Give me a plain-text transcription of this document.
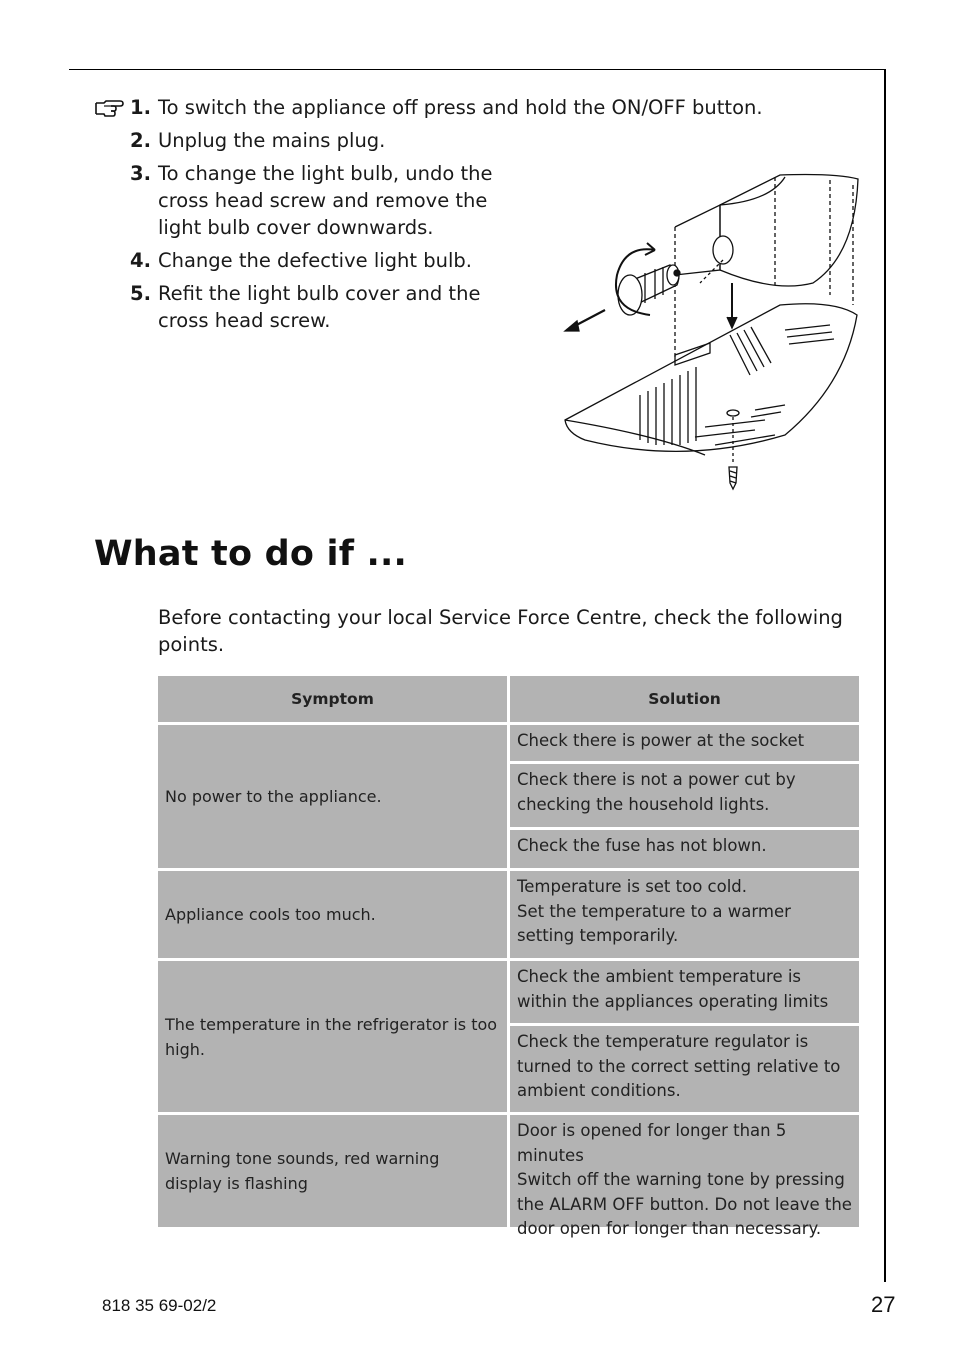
1. To switch the appliance off press and hold the ON/OFF button.
2. Unplug the mains plug.
3. To change the light bulb, undo the cross head screw and remove the light bulb cover downwards.
4. Change the defective light bulb.
5. Refit the light bulb cover and the cross head screw.
What to do if ...

Before contacting your local Service Force Centre, check the following points.

Symptom	Solution
No power to the appliance.
Check there is power at the socket
Check there is not a power cut by checking the household lights.
Check the fuse has not blown.
Appliance cools too much.
Temperature is set too cold.
Set the temperature to a warmer setting temporarily.
The temperature in the refrigerator is too high.
Check the ambient temperature is within the appliances operating limits
Check the temperature regulator is turned to the correct setting relative to ambient conditions.
Warning tone sounds, red warning display is flashing
Door is opened for longer than 5 minutes
Switch off the warning tone by pressing the ALARM OFF button. Do not leave the door open for longer than necessary.
818 35 69-02/2	27
